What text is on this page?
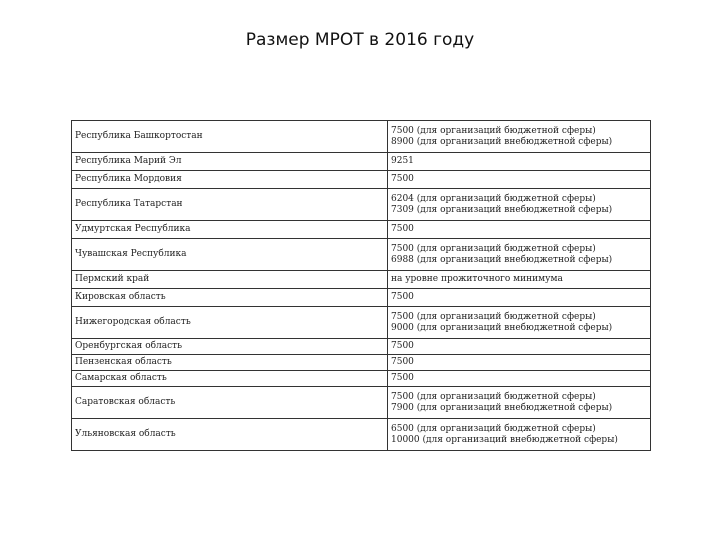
Размер МРОТ в 2016 году
Республика Башкортостан	7500 (для организаций бюджетной сферы)
8900 (для организаций внебюджетной сферы)

Республика Марий Эл	9251

Республика Мордовия	7500

Республика Татарстан	6204 (для организаций бюджетной сферы)
7309 (для организаций внебюджетной сферы)

Удмуртская Республика	7500

Чувашская Республика	7500 (для организаций бюджетной сферы)
6988 (для организаций внебюджетной сферы)

Пермский край	на уровне прожиточного минимума

Кировская область	7500

Нижегородская область	7500 (для организаций бюджетной сферы)
9000 (для организаций внебюджетной сферы)

Оренбургская область	7500

Пензенская область	7500

Самарская область	7500

Саратовская область	7500 (для организаций бюджетной сферы)
7900 (для организаций внебюджетной сферы)

Ульяновская область	6500 (для организаций бюджетной сферы)
10000 (для организаций внебюджетной сферы)
